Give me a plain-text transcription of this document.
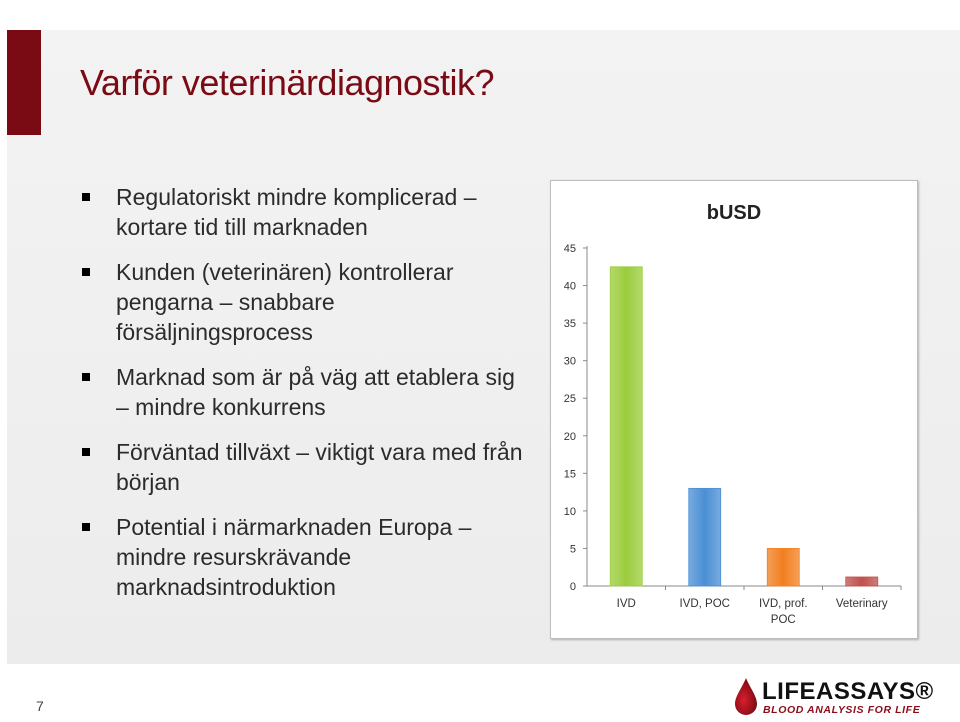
Varför veterinärdiagnostik?
Regulatoriskt mindre komplicerad – kortare tid till marknaden
Kunden (veterinären) kontrollerar pengarna – snabbare försäljningsprocess
Marknad som är på väg att etablera sig – mindre konkurrens
Förväntad tillväxt – viktigt vara med från början
Potential i närmarknaden Europa – mindre resurskrävande marknadsintroduktion
bUSD
0
5
10
15
20
25
30
35
40
45
IVD	IVD, POC	IVD, prof.
POC
Veterinary
7
LIFEASSAYS®
BLOOD ANALYSIS FOR LIFE
